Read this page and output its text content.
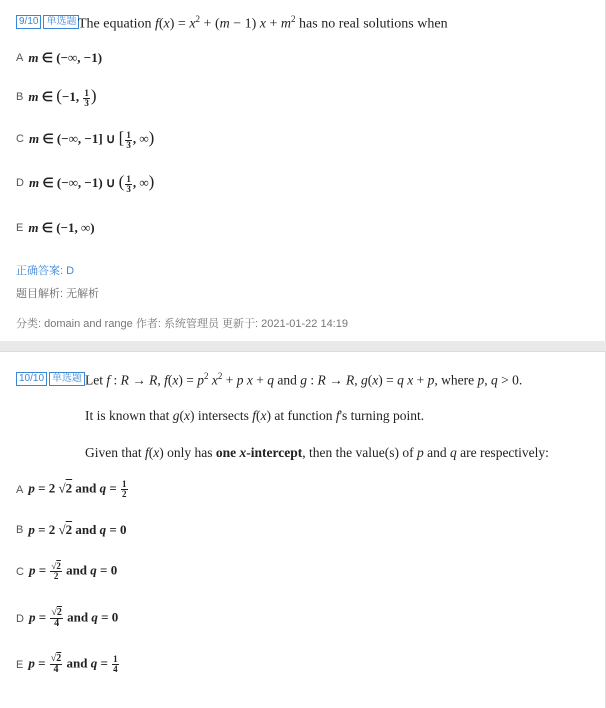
9/10 单选题 The equation $f(x) = x^2 + (m - 1) x + m^2$ has no real solutions when
A m ∈ (−∞, −1)
B m ∈ (−1, $\frac{1}{3}$ )
C m ∈ (−∞, −1] ∪ [ $\frac{1}{3}$ , ∞)
D m ∈ (−∞, −1) ∪ ( $\frac{1}{3}$ , ∞)
E m ∈ (−1, ∞)
正确答案: D
题目解析: 无解析
分类: domain and range 作者: 系统管理员 更新于: 2021-01-22 14:19
10/10 单选题 Let f : R → R, $f(x) = p^2$ $x^2 + p$ x + q and g : R → R, g(x) = q x + p, where p, q > 0.
It is known that g(x) intersects f(x) at function f's turning point.
Given that f(x) only has one x-intercept, then the value(s) of p and q are respectively:
A p = 2 √2 and $q = \frac{1}{2}$
B p = 2 √2 and q = 0
C $p = \frac{√2}{2}$ and q = 0
D $p = \frac{√2}{4}$ and q = 0
E $p = \frac{√2}{4}$ and $q = \frac{1}{4}$
